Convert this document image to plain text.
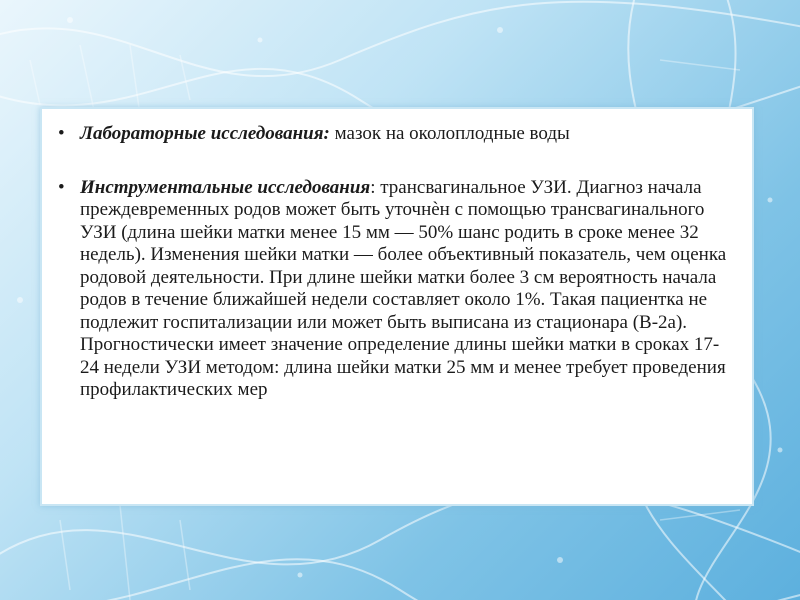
• Лабораторные исследования: мазок на околоплодные воды
• Инструментальные исследования: трансвагинальное УЗИ. Диагноз начала преждевременных родов может быть уточнѐн с помощью трансвагинального УЗИ (длина шейки матки менее 15 мм — 50% шанс родить в сроке менее 32 недель). Изменения шейки матки — более объективный показатель, чем оценка родовой деятельности. При длине шейки матки более 3 см вероятность начала родов в течение ближайшей недели составляет около 1%. Такая пациентка не подлежит госпитализации или может быть выписана из стационара (В-2а). Прогностически имеет значение определение длины шейки матки в сроках 17-24 недели УЗИ методом: длина шейки матки 25 мм и менее требует проведения профилактических мер
